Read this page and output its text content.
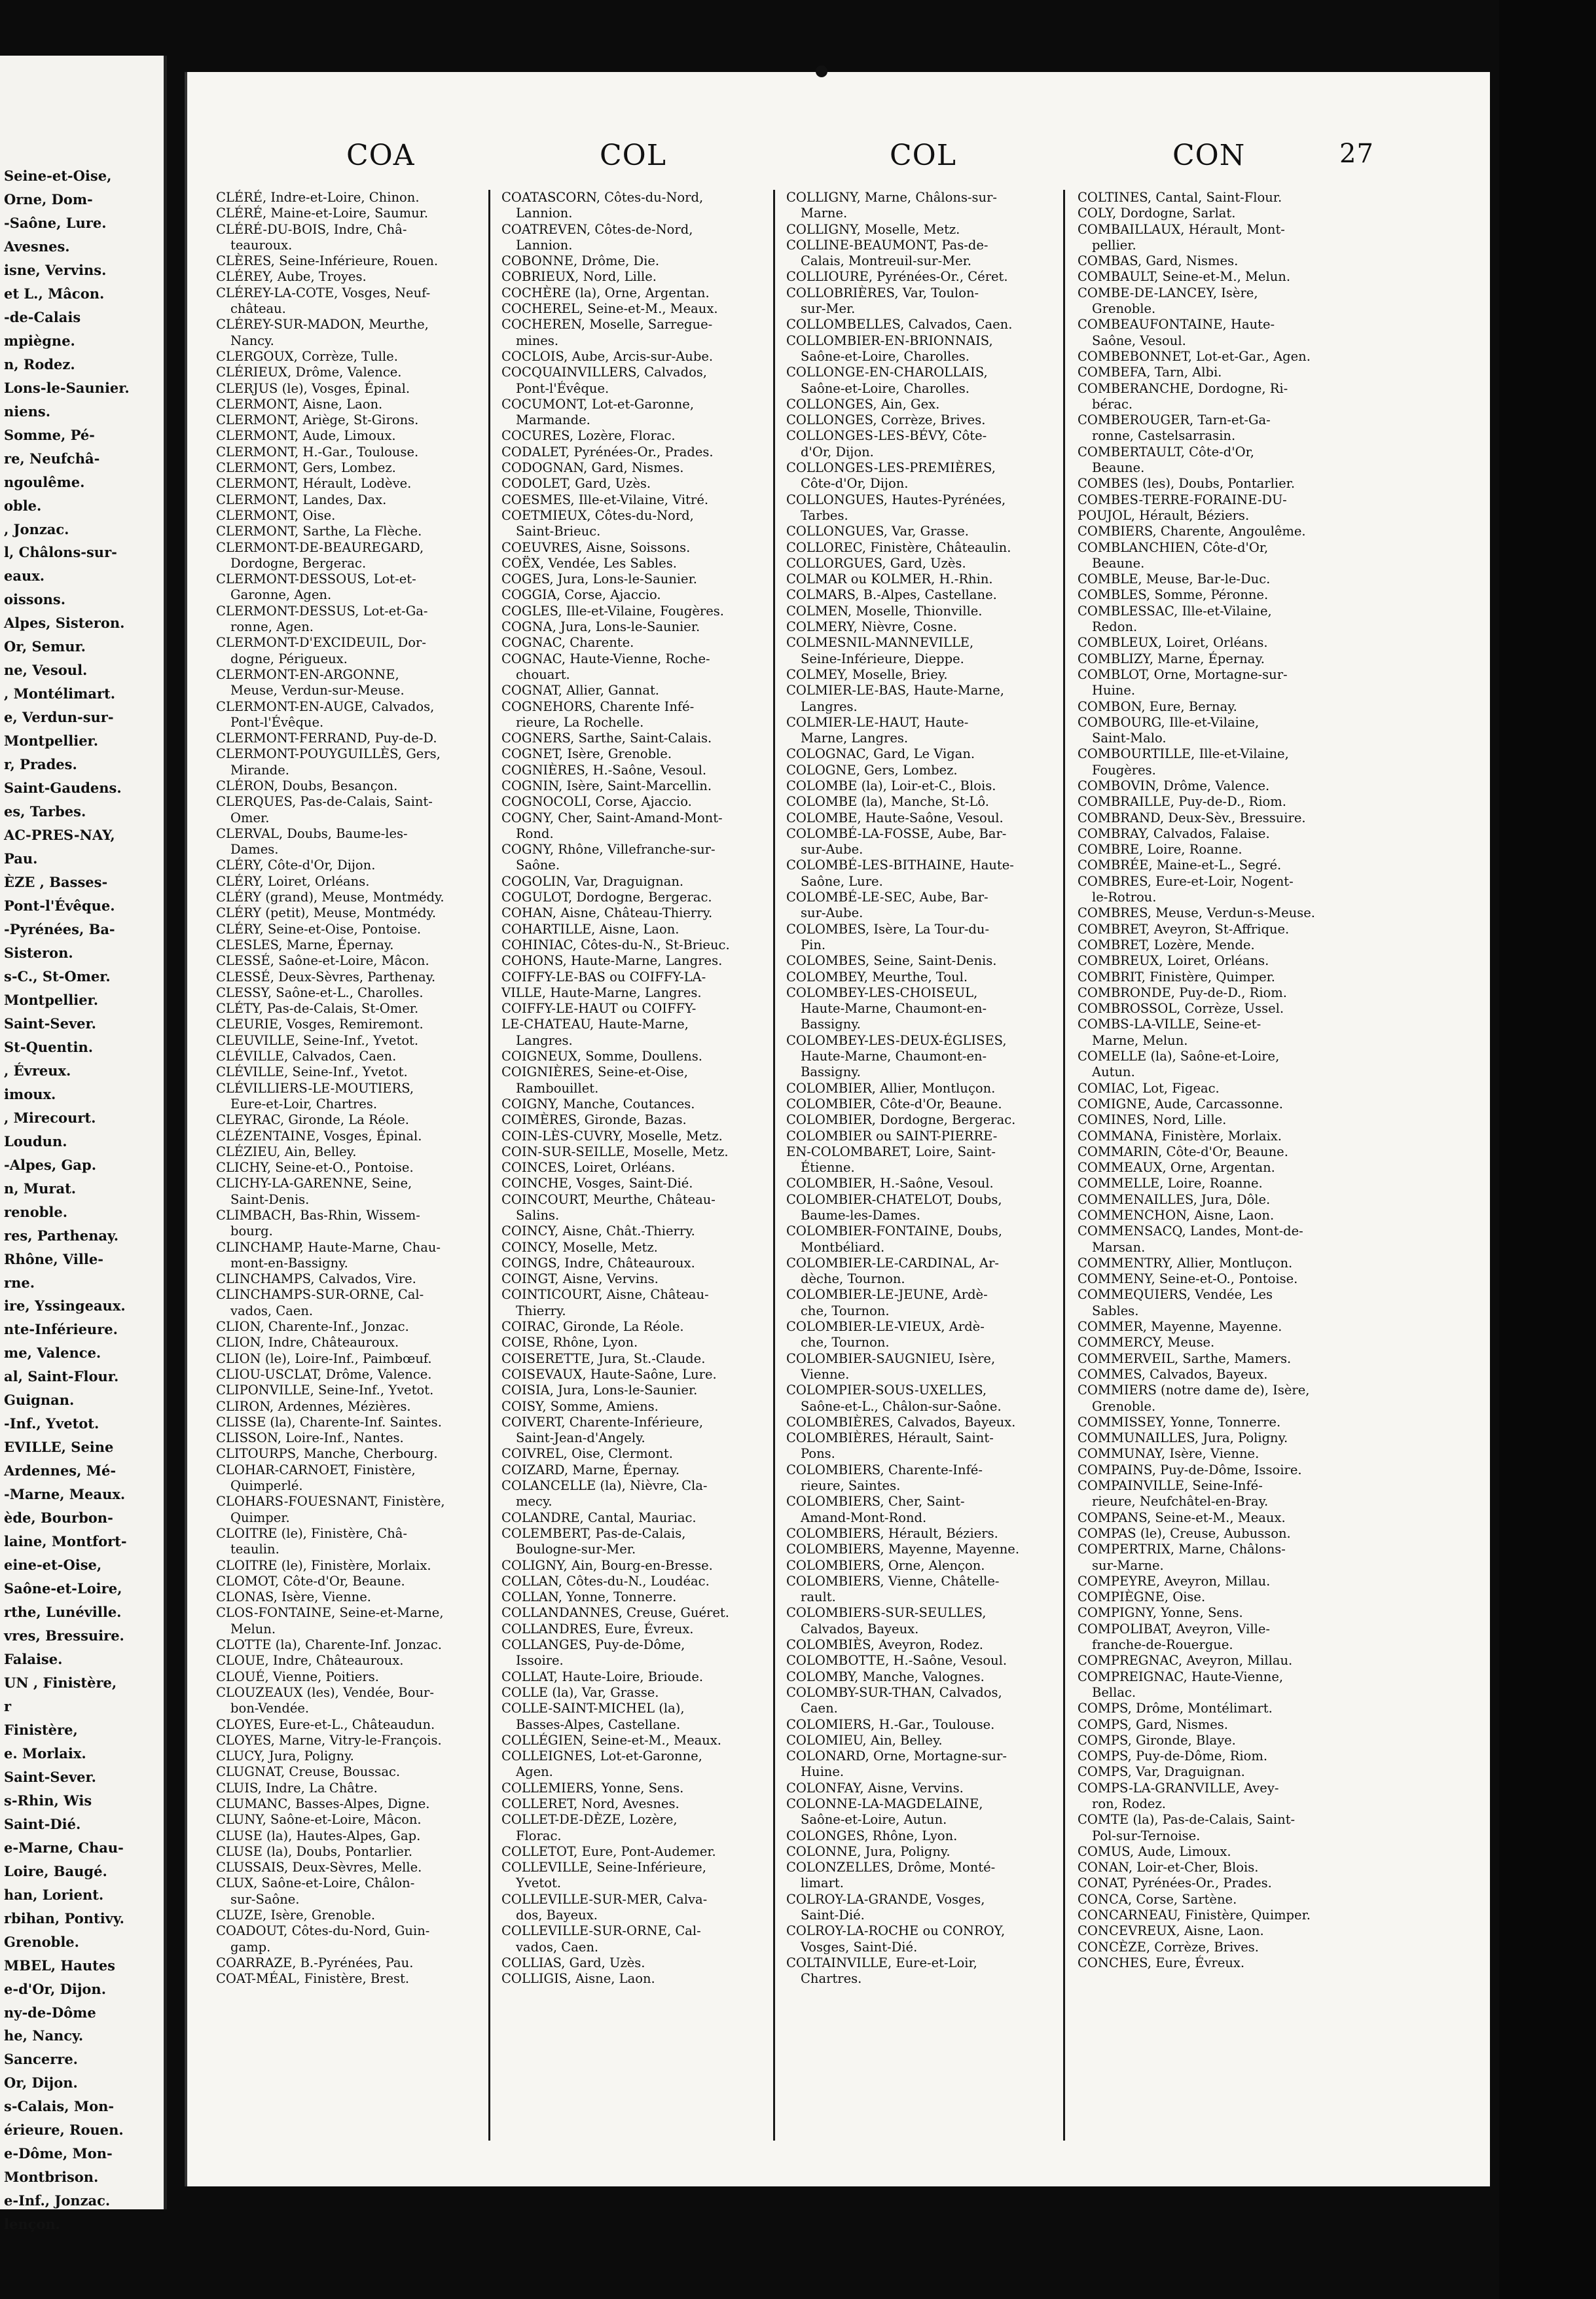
Seine-et-Oise,
Orne, Dom-
-Saône, Lure.
Avesnes.
isne, Vervins.
et L., Mâcon.
-de-Calais
mpiègne.
n, Rodez.
Lons-le-Saunier.
niens.
Somme, Pé-
re, Neufchâ-
ngoulême.
oble.
, Jonzac.
l, Châlons-sur-
eaux.
oissons.
Alpes, Sisteron.
Or, Semur.
ne, Vesoul.
, Montélimart.
e, Verdun-sur-
Montpellier.
r, Prades.
Saint-Gaudens.
es, Tarbes.
AC-PRES-NAY,
Pau.
ÈZE , Basses-
Pont-l'Évêque.
-Pyrénées, Ba-
Sisteron.
s-C., St-Omer.
Montpellier.
Saint-Sever.
St-Quentin.
, Évreux.
imoux.
, Mirecourt.
Loudun.
-Alpes, Gap.
n, Murat.
renoble.
res, Parthenay.
Rhône, Ville-
rne.
ire, Yssingeaux.
nte-Inférieure.
me, Valence.
al, Saint-Flour.
Guignan.
-Inf., Yvetot.
EVILLE, Seine
Ardennes, Mé-
-Marne, Meaux.
ède, Bourbon-
laine, Montfort-
eine-et-Oise,
Saône-et-Loire,
rthe, Lunéville.
vres, Bressuire.
Falaise.
UN , Finistère,
r
Finistère,
e. Morlaix.
Saint-Sever.
s-Rhin, Wis
Saint-Dié.
e-Marne, Chau-
Loire, Baugé.
han, Lorient.
rbihan, Pontivy.
Grenoble.
MBEL, Hautes
e-d'Or, Dijon.
ny-de-Dôme
he, Nancy.
Sancerre.
Or, Dijon.
s-Calais, Mon-
érieure, Rouen.
e-Dôme, Mon-
Montbrison.
e-Inf., Jonzac.
lençon.
COA	COL	COL	CON	27
CLÉRÉ, Indre-et-Loire, Chinon.
CLÉRÉ, Maine-et-Loire, Saumur.
CLÉRÉ-DU-BOIS, Indre, Châ-
teauroux.
CLÈRES, Seine-Inférieure, Rouen.
CLÉREY, Aube, Troyes.
CLÉREY-LA-COTE, Vosges, Neuf-
château.
CLÉREY-SUR-MADON, Meurthe,
Nancy.
CLERGOUX, Corrèze, Tulle.
CLÉRIEUX, Drôme, Valence.
CLERJUS (le), Vosges, Épinal.
CLERMONT, Aisne, Laon.
CLERMONT, Ariège, St-Girons.
CLERMONT, Aude, Limoux.
CLERMONT, H.-Gar., Toulouse.
CLERMONT, Gers, Lombez.
CLERMONT, Hérault, Lodève.
CLERMONT, Landes, Dax.
CLERMONT, Oise.
CLERMONT, Sarthe, La Flèche.
CLERMONT-DE-BEAUREGARD,
Dordogne, Bergerac.
CLERMONT-DESSOUS, Lot-et-
Garonne, Agen.
CLERMONT-DESSUS, Lot-et-Ga-
ronne, Agen.
CLERMONT-D'EXCIDEUIL, Dor-
dogne, Périgueux.
CLERMONT-EN-ARGONNE,
Meuse, Verdun-sur-Meuse.
CLERMONT-EN-AUGE, Calvados,
Pont-l'Évêque.
CLERMONT-FERRAND, Puy-de-D.
CLERMONT-POUYGUILLÈS, Gers,
Mirande.
CLÉRON, Doubs, Besançon.
CLERQUES, Pas-de-Calais, Saint-
Omer.
CLERVAL, Doubs, Baume-les-
Dames.
CLÉRY, Côte-d'Or, Dijon.
CLÉRY, Loiret, Orléans.
CLÉRY (grand), Meuse, Montmédy.
CLÉRY (petit), Meuse, Montmédy.
CLÉRY, Seine-et-Oise, Pontoise.
CLESLES, Marne, Épernay.
CLESSÉ, Saône-et-Loire, Mâcon.
CLESSÉ, Deux-Sèvres, Parthenay.
CLESSY, Saône-et-L., Charolles.
CLÉTY, Pas-de-Calais, St-Omer.
CLEURIE, Vosges, Remiremont.
CLEUVILLE, Seine-Inf., Yvetot.
CLÉVILLE, Calvados, Caen.
CLÉVILLE, Seine-Inf., Yvetot.
CLÉVILLIERS-LE-MOUTIERS,
Eure-et-Loir, Chartres.
CLEYRAC, Gironde, La Réole.
CLÉZENTAINE, Vosges, Épinal.
CLÉZIEU, Ain, Belley.
CLICHY, Seine-et-O., Pontoise.
CLICHY-LA-GARENNE, Seine,
Saint-Denis.
CLIMBACH, Bas-Rhin, Wissem-
bourg.
CLINCHAMP, Haute-Marne, Chau-
mont-en-Bassigny.
CLINCHAMPS, Calvados, Vire.
CLINCHAMPS-SUR-ORNE, Cal-
vados, Caen.
CLION, Charente-Inf., Jonzac.
CLION, Indre, Châteauroux.
CLION (le), Loire-Inf., Paimbœuf.
CLIOU-USCLAT, Drôme, Valence.
CLIPONVILLE, Seine-Inf., Yvetot.
CLIRON, Ardennes, Mézières.
CLISSE (la), Charente-Inf. Saintes.
CLISSON, Loire-Inf., Nantes.
CLITOURPS, Manche, Cherbourg.
CLOHAR-CARNOET, Finistère,
Quimperlé.
CLOHARS-FOUESNANT, Finistère,
Quimper.
CLOITRE (le), Finistère, Châ-
teaulin.
CLOITRE (le), Finistère, Morlaix.
CLOMOT, Côte-d'Or, Beaune.
CLONAS, Isère, Vienne.
CLOS-FONTAINE, Seine-et-Marne,
Melun.
CLOTTE (la), Charente-Inf. Jonzac.
CLOUE, Indre, Châteauroux.
CLOUÉ, Vienne, Poitiers.
CLOUZEAUX (les), Vendée, Bour-
bon-Vendée.
CLOYES, Eure-et-L., Châteaudun.
CLOYES, Marne, Vitry-le-François.
CLUCY, Jura, Poligny.
CLUGNAT, Creuse, Boussac.
CLUIS, Indre, La Châtre.
CLUMANC, Basses-Alpes, Digne.
CLUNY, Saône-et-Loire, Mâcon.
CLUSE (la), Hautes-Alpes, Gap.
CLUSE (la), Doubs, Pontarlier.
CLUSSAIS, Deux-Sèvres, Melle.
CLUX, Saône-et-Loire, Châlon-
sur-Saône.
CLUZE, Isère, Grenoble.
COADOUT, Côtes-du-Nord, Guin-
gamp.
COARRAZE, B.-Pyrénées, Pau.
COAT-MÉAL, Finistère, Brest.
COATASCORN, Côtes-du-Nord,
Lannion.
COATREVEN, Côtes-de-Nord,
Lannion.
COBONNE, Drôme, Die.
COBRIEUX, Nord, Lille.
COCHÈRE (la), Orne, Argentan.
COCHEREL, Seine-et-M., Meaux.
COCHEREN, Moselle, Sarregue-
mines.
COCLOIS, Aube, Arcis-sur-Aube.
COCQUAINVILLERS, Calvados,
Pont-l'Évêque.
COCUMONT, Lot-et-Garonne,
Marmande.
COCURES, Lozère, Florac.
CODALET, Pyrénées-Or., Prades.
CODOGNAN, Gard, Nismes.
CODOLET, Gard, Uzès.
COESMES, Ille-et-Vilaine, Vitré.
COETMIEUX, Côtes-du-Nord,
Saint-Brieuc.
COEUVRES, Aisne, Soissons.
COËX, Vendée, Les Sables.
COGES, Jura, Lons-le-Saunier.
COGGIA, Corse, Ajaccio.
COGLES, Ille-et-Vilaine, Fougères.
COGNA, Jura, Lons-le-Saunier.
COGNAC, Charente.
COGNAC, Haute-Vienne, Roche-
chouart.
COGNAT, Allier, Gannat.
COGNEHORS, Charente Infé-
rieure, La Rochelle.
COGNERS, Sarthe, Saint-Calais.
COGNET, Isère, Grenoble.
COGNIÈRES, H.-Saône, Vesoul.
COGNIN, Isère, Saint-Marcellin.
COGNOCOLI, Corse, Ajaccio.
COGNY, Cher, Saint-Amand-Mont-
Rond.
COGNY, Rhône, Villefranche-sur-
Saône.
COGOLIN, Var, Draguignan.
COGULOT, Dordogne, Bergerac.
COHAN, Aisne, Château-Thierry.
COHARTILLE, Aisne, Laon.
COHINIAC, Côtes-du-N., St-Brieuc.
COHONS, Haute-Marne, Langres.
COIFFY-LE-BAS ou COIFFY-LA-
VILLE, Haute-Marne, Langres.
COIFFY-LE-HAUT ou COIFFY-
LE-CHATEAU, Haute-Marne,
Langres.
COIGNEUX, Somme, Doullens.
COIGNIÈRES, Seine-et-Oise,
Rambouillet.
COIGNY, Manche, Coutances.
COIMÈRES, Gironde, Bazas.
COIN-LÈS-CUVRY, Moselle, Metz.
COIN-SUR-SEILLE, Moselle, Metz.
COINCES, Loiret, Orléans.
COINCHE, Vosges, Saint-Dié.
COINCOURT, Meurthe, Château-
Salins.
COINCY, Aisne, Chât.-Thierry.
COINCY, Moselle, Metz.
COINGS, Indre, Châteauroux.
COINGT, Aisne, Vervins.
COINTICOURT, Aisne, Château-
Thierry.
COIRAC, Gironde, La Réole.
COISE, Rhône, Lyon.
COISERETTE, Jura, St.-Claude.
COISEVAUX, Haute-Saône, Lure.
COISIA, Jura, Lons-le-Saunier.
COISY, Somme, Amiens.
COIVERT, Charente-Inférieure,
Saint-Jean-d'Angely.
COIVREL, Oise, Clermont.
COIZARD, Marne, Épernay.
COLANCELLE (la), Nièvre, Cla-
mecy.
COLANDRE, Cantal, Mauriac.
COLEMBERT, Pas-de-Calais,
Boulogne-sur-Mer.
COLIGNY, Ain, Bourg-en-Bresse.
COLLAN, Côtes-du-N., Loudéac.
COLLAN, Yonne, Tonnerre.
COLLANDANNES, Creuse, Guéret.
COLLANDRES, Eure, Évreux.
COLLANGES, Puy-de-Dôme,
Issoire.
COLLAT, Haute-Loire, Brioude.
COLLE (la), Var, Grasse.
COLLE-SAINT-MICHEL (la),
Basses-Alpes, Castellane.
COLLÉGIEN, Seine-et-M., Meaux.
COLLEIGNES, Lot-et-Garonne,
Agen.
COLLEMIERS, Yonne, Sens.
COLLERET, Nord, Avesnes.
COLLET-DE-DÈZE, Lozère,
Florac.
COLLETOT, Eure, Pont-Audemer.
COLLEVILLE, Seine-Inférieure,
Yvetot.
COLLEVILLE-SUR-MER, Calva-
dos, Bayeux.
COLLEVILLE-SUR-ORNE, Cal-
vados, Caen.
COLLIAS, Gard, Uzès.
COLLIGIS, Aisne, Laon.
COLLIGNY, Marne, Châlons-sur-
Marne.
COLLIGNY, Moselle, Metz.
COLLINE-BEAUMONT, Pas-de-
Calais, Montreuil-sur-Mer.
COLLIOURE, Pyrénées-Or., Céret.
COLLOBRIÈRES, Var, Toulon-
sur-Mer.
COLLOMBELLES, Calvados, Caen.
COLLOMBIER-EN-BRIONNAIS,
Saône-et-Loire, Charolles.
COLLONGE-EN-CHAROLLAIS,
Saône-et-Loire, Charolles.
COLLONGES, Ain, Gex.
COLLONGES, Corrèze, Brives.
COLLONGES-LES-BÉVY, Côte-
d'Or, Dijon.
COLLONGES-LES-PREMIÈRES,
Côte-d'Or, Dijon.
COLLONGUES, Hautes-Pyrénées,
Tarbes.
COLLONGUES, Var, Grasse.
COLLOREC, Finistère, Châteaulin.
COLLORGUES, Gard, Uzès.
COLMAR ou KOLMER, H.-Rhin.
COLMARS, B.-Alpes, Castellane.
COLMEN, Moselle, Thionville.
COLMERY, Nièvre, Cosne.
COLMESNIL-MANNEVILLE,
Seine-Inférieure, Dieppe.
COLMEY, Moselle, Briey.
COLMIER-LE-BAS, Haute-Marne,
Langres.
COLMIER-LE-HAUT, Haute-
Marne, Langres.
COLOGNAC, Gard, Le Vigan.
COLOGNE, Gers, Lombez.
COLOMBE (la), Loir-et-C., Blois.
COLOMBE (la), Manche, St-Lô.
COLOMBE, Haute-Saône, Vesoul.
COLOMBÉ-LA-FOSSE, Aube, Bar-
sur-Aube.
COLOMBÉ-LES-BITHAINE, Haute-
Saône, Lure.
COLOMBÉ-LE-SEC, Aube, Bar-
sur-Aube.
COLOMBES, Isère, La Tour-du-
Pin.
COLOMBES, Seine, Saint-Denis.
COLOMBEY, Meurthe, Toul.
COLOMBEY-LES-CHOISEUL,
Haute-Marne, Chaumont-en-
Bassigny.
COLOMBEY-LES-DEUX-ÉGLISES,
Haute-Marne, Chaumont-en-
Bassigny.
COLOMBIER, Allier, Montluçon.
COLOMBIER, Côte-d'Or, Beaune.
COLOMBIER, Dordogne, Bergerac.
COLOMBIER ou SAINT-PIERRE-
EN-COLOMBARET, Loire, Saint-
Étienne.
COLOMBIER, H.-Saône, Vesoul.
COLOMBIER-CHATELOT, Doubs,
Baume-les-Dames.
COLOMBIER-FONTAINE, Doubs,
Montbéliard.
COLOMBIER-LE-CARDINAL, Ar-
dèche, Tournon.
COLOMBIER-LE-JEUNE, Ardè-
che, Tournon.
COLOMBIER-LE-VIEUX, Ardè-
che, Tournon.
COLOMBIER-SAUGNIEU, Isère,
Vienne.
COLOMPIER-SOUS-UXELLES,
Saône-et-L., Châlon-sur-Saône.
COLOMBIÈRES, Calvados, Bayeux.
COLOMBIÈRES, Hérault, Saint-
Pons.
COLOMBIERS, Charente-Infé-
rieure, Saintes.
COLOMBIERS, Cher, Saint-
Amand-Mont-Rond.
COLOMBIERS, Hérault, Béziers.
COLOMBIERS, Mayenne, Mayenne.
COLOMBIERS, Orne, Alençon.
COLOMBIERS, Vienne, Châtelle-
rault.
COLOMBIERS-SUR-SEULLES,
Calvados, Bayeux.
COLOMBIÈS, Aveyron, Rodez.
COLOMBOTTE, H.-Saône, Vesoul.
COLOMBY, Manche, Valognes.
COLOMBY-SUR-THAN, Calvados,
Caen.
COLOMIERS, H.-Gar., Toulouse.
COLOMIEU, Ain, Belley.
COLONARD, Orne, Mortagne-sur-
Huine.
COLONFAY, Aisne, Vervins.
COLONNE-LA-MAGDELAINE,
Saône-et-Loire, Autun.
COLONGES, Rhône, Lyon.
COLONNE, Jura, Poligny.
COLONZELLES, Drôme, Monté-
limart.
COLROY-LA-GRANDE, Vosges,
Saint-Dié.
COLROY-LA-ROCHE ou CONROY,
Vosges, Saint-Dié.
COLTAINVILLE, Eure-et-Loir,
Chartres.
COLTINES, Cantal, Saint-Flour.
COLY, Dordogne, Sarlat.
COMBAILLAUX, Hérault, Mont-
pellier.
COMBAS, Gard, Nismes.
COMBAULT, Seine-et-M., Melun.
COMBE-DE-LANCEY, Isère,
Grenoble.
COMBEAUFONTAINE, Haute-
Saône, Vesoul.
COMBEBONNET, Lot-et-Gar., Agen.
COMBEFA, Tarn, Albi.
COMBERANCHE, Dordogne, Ri-
bérac.
COMBEROUGER, Tarn-et-Ga-
ronne, Castelsarrasin.
COMBERTAULT, Côte-d'Or,
Beaune.
COMBES (les), Doubs, Pontarlier.
COMBES-TERRE-FORAINE-DU-
POUJOL, Hérault, Béziers.
COMBIERS, Charente, Angoulême.
COMBLANCHIEN, Côte-d'Or,
Beaune.
COMBLE, Meuse, Bar-le-Duc.
COMBLES, Somme, Péronne.
COMBLESSAC, Ille-et-Vilaine,
Redon.
COMBLEUX, Loiret, Orléans.
COMBLIZY, Marne, Épernay.
COMBLOT, Orne, Mortagne-sur-
Huine.
COMBON, Eure, Bernay.
COMBOURG, Ille-et-Vilaine,
Saint-Malo.
COMBOURTILLE, Ille-et-Vilaine,
Fougères.
COMBOVIN, Drôme, Valence.
COMBRAILLE, Puy-de-D., Riom.
COMBRAND, Deux-Sèv., Bressuire.
COMBRAY, Calvados, Falaise.
COMBRE, Loire, Roanne.
COMBRÉE, Maine-et-L., Segré.
COMBRES, Eure-et-Loir, Nogent-
le-Rotrou.
COMBRES, Meuse, Verdun-s-Meuse.
COMBRET, Aveyron, St-Affrique.
COMBRET, Lozère, Mende.
COMBREUX, Loiret, Orléans.
COMBRIT, Finistère, Quimper.
COMBRONDE, Puy-de-D., Riom.
COMBROSSOL, Corrèze, Ussel.
COMBS-LA-VILLE, Seine-et-
Marne, Melun.
COMELLE (la), Saône-et-Loire,
Autun.
COMIAC, Lot, Figeac.
COMIGNE, Aude, Carcassonne.
COMINES, Nord, Lille.
COMMANA, Finistère, Morlaix.
COMMARIN, Côte-d'Or, Beaune.
COMMEAUX, Orne, Argentan.
COMMELLE, Loire, Roanne.
COMMENAILLES, Jura, Dôle.
COMMENCHON, Aisne, Laon.
COMMENSACQ, Landes, Mont-de-
Marsan.
COMMENTRY, Allier, Montluçon.
COMMENY, Seine-et-O., Pontoise.
COMMEQUIERS, Vendée, Les
Sables.
COMMER, Mayenne, Mayenne.
COMMERCY, Meuse.
COMMERVEIL, Sarthe, Mamers.
COMMES, Calvados, Bayeux.
COMMIERS (notre dame de), Isère,
Grenoble.
COMMISSEY, Yonne, Tonnerre.
COMMUNAILLES, Jura, Poligny.
COMMUNAY, Isère, Vienne.
COMPAINS, Puy-de-Dôme, Issoire.
COMPAINVILLE, Seine-Infé-
rieure, Neufchâtel-en-Bray.
COMPANS, Seine-et-M., Meaux.
COMPAS (le), Creuse, Aubusson.
COMPERTRIX, Marne, Châlons-
sur-Marne.
COMPEYRE, Aveyron, Millau.
COMPIÈGNE, Oise.
COMPIGNY, Yonne, Sens.
COMPOLIBAT, Aveyron, Ville-
franche-de-Rouergue.
COMPREGNAC, Aveyron, Millau.
COMPREIGNAC, Haute-Vienne,
Bellac.
COMPS, Drôme, Montélimart.
COMPS, Gard, Nismes.
COMPS, Gironde, Blaye.
COMPS, Puy-de-Dôme, Riom.
COMPS, Var, Draguignan.
COMPS-LA-GRANVILLE, Avey-
ron, Rodez.
COMTE (la), Pas-de-Calais, Saint-
Pol-sur-Ternoise.
COMUS, Aude, Limoux.
CONAN, Loir-et-Cher, Blois.
CONAT, Pyrénées-Or., Prades.
CONCA, Corse, Sartène.
CONCARNEAU, Finistère, Quimper.
CONCEVREUX, Aisne, Laon.
CONCÈZE, Corrèze, Brives.
CONCHES, Eure, Évreux.
